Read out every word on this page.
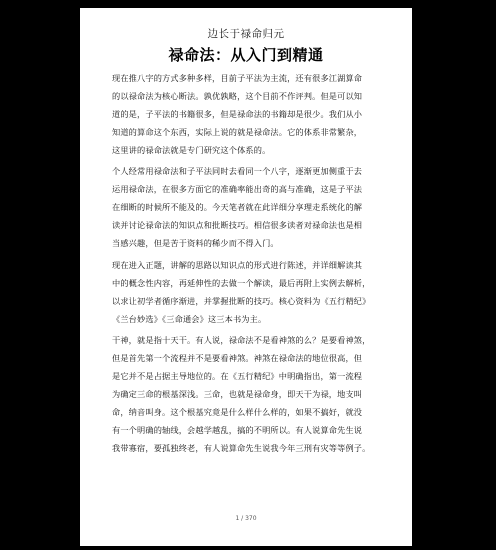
边长于禄命归元
禄命法：从入门到精通
现在推八字的方式多种多样，目前子平法为主流，还有很多江湖算命
的以禄命法为核心断法。孰优孰略，这个目前不作评判。但是可以知
道的是，子平法的书籍很多，但是禄命法的书籍却是很少。我们从小
知道的算命这个东西，实际上说的就是禄命法。它的体系非常繁杂，
这里讲的禄命法就是专门研究这个体系的。
个人经常用禄命法和子平法同时去看同一个八字，逐渐更加侧重于去
运用禄命法，在很多方面它的准确率能出奇的高与准确，这是子平法
在细断的时候所不能及的。今天笔者就在此详细分享理走系统化的解
读并讨论禄命法的知识点和批断技巧。相信很多读者对禄命法也是相
当感兴趣，但是苦于资料的稀少而不得入门。
现在进入正题，讲解的思路以知识点的形式进行陈述，并详细解读其
中的概念性内容，再延伸性的去做一个解读，最后再附上实例去解析，
以求让初学者循序渐进，并掌握批断的技巧。核心资料为《五行精纪》
《兰台妙选》《三命通会》这三本书为主。
干神，就是指十天干。有人说，禄命法不是看神煞的么？是要看神煞，
但是首先第一个流程并不是要看神煞。神煞在禄命法的地位很高，但
是它并不是占据主导地位的。在《五行精纪》中明确指出，第一流程
为确定三命的根基深浅。三命，也就是禄命身，即天干为禄，地支叫
命，纳音叫身。这个根基究竟是什么样什么样的，如果不搞好，就没
有一个明确的轴线，会越学越乱，搞的不明所以。有人说算命先生说
我带寡宿，要孤独终老，有人说算命先生说我今年三刑有灾等等例子。
1 / 370
